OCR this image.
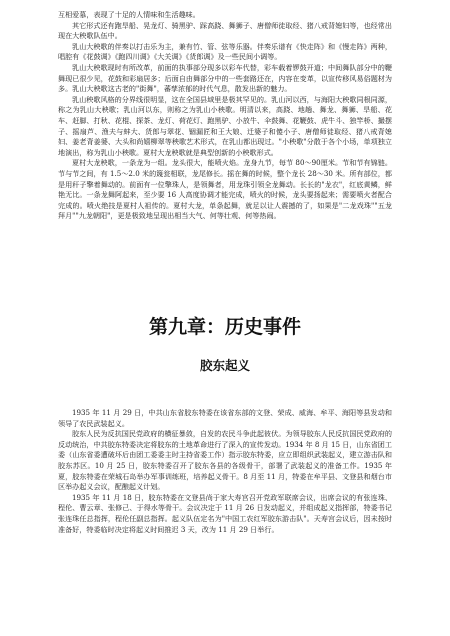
互相爱慕，表现了十足的人情味和生活趣味。

其它形式还有跑旱船、晃龙灯、骑黑驴、踩高跷、舞狮子、唐僧师徒取经、猪八戒背媳妇等，也经常出现在大秧歌队伍中。

乳山大秧歌的伴奏以打击乐为主，兼有竹、管、弦等乐器。伴奏乐谱有《快走阵》和《慢走阵》两种，唱腔有《花鼓调》《跑四川调》《大关调》《货郎调》及一些民间小调等。

乳山大秧歌现时有所改革，前面的执事部分现多以彩车代替，彩车载着锣鼓开道；中间舞队部分中的鞭舞现已很少见，花鼓和彩扇居多；后面自由舞部分中的一些套路还在，内容在变革，以宣传移风易俗题材为多。乳山大秧歌这古老的"街舞"，蕃孳浓郁的时代气息，散发出新的魅力。

乳山秧歌风格的分界线很明显，这在全国县域里是极其罕见的。乳山河以西，与海阳大秧歌同根同源，称之为乳山大秧歌；乳山河以东，则称之为乳山小秧歌。明清以来，高跷、地趟、舞龙、舞狮、旱船、花车、赶脚、打秋、花棍、探茶、龙灯、荷花灯、跑黑驴、小放牛、伞鼓舞、花鞭鼓、虎牛斗、独竿桥、撮摆子、摇扇芦、渔夫与蚌大、货郎与翠花、锢漏匠和王大娘、迁婆子和傻小子、唐僧师徒取经、猪八戒背媳妇、姜老背姜婆、大头和尚嬉柳翠等秧歌艺术形式，在乳山都出现过。"小秧歌"分散于各个小场，单项独立地演出，称为乳山小秧歌。夏村大龙秧歌就是典型创新的小秧歌形式。

夏村大龙秧歌，一条龙为一组。龙头很大，能喷火焰。龙身九节，每节 80～90厘米。节和节有锦链。节与节之间，有 1.5～2.0 米的篾瓮相联，龙尾修长。摇在舞的时候，整个龙长 28～30 米。所有部位，都是用秆子擎着舞动的。前面有一位擎珠人，是领舞者，用龙珠引领全龙舞动。长长的"龙衣"，红底黄鳞，鲜艳无比。一条龙舞阿起来，至少要 16 人高度协调才能完成，喷火的时候，龙头要扬起来；需要喷火者配合完成的。喷火绝技是夏村人祖传的。夏村大龙，单条起舞，就足以让人震撼的了，如果是"二龙戏珠""五龙拜月""九龙朝阳"，更是极致地呈现出相当大气、何等壮观、何等热闹。

第九章：历史事件
胶东起义

1935 年 11 月 29 日，中共山东省胶东特委在该省东部的文登、荣成、威海、牟平、海阳等县发动和领导了农民武装起义。

胶东人民为反抗国民党政府的横征暴敛，自发的农民斗争此起彼伏。为领导胶东人民反抗国民党政府的反动统治，中共胶东特委决定将胶东的土地革命进行了深入的宣传发动。1934 年 8 月 15 日，山东省团工委（山东省委遭破坏后由团工委委主时主持省委工作）指示胶东特委，应立即组织武装起义，建立游击队和胶东苏区。10 月 25 日，胶东特委召开了胶东各县的各级骨干，部署了武装起义的准备工作。1935 年夏，胶东特委在荣城石岛举办军事训练班，培养起义骨干。8 月至 11 月，特委在牟平县、文登县和烟台市区举办起义会议，配酿起义计划。

1935 年 11 月 18 日，胶东特委在文登县尚于家大寿宫召开党政军联席会议，出席会议的有张连珠、程伦、曹云章、张修己、于得水等骨干。会议决定于 11 月 26 日发动起义，并组成起义指挥部，特委书记张连珠任总指挥，程伦任副总指挥。起义队伍定名为"中国工农红军胶东游击队"。天寿宫会议后，因未按时准备好，特委临时决定将起义时间推迟 3 天，改为 11 月 29 日举行。
